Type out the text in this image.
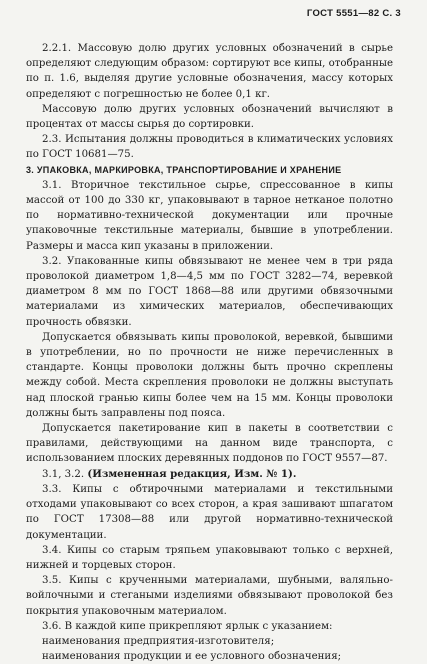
ГОСТ 5551—82 С. 3

2.2.1. Массовую долю других условных обозначений в сырье определяют следующим образом: сортируют все кипы, отобранные по п. 1.6, выделяя другие условные обозначения, массу которых определяют с погрешностью не более 0,1 кг.

Массовую долю других условных обозначений вычисляют в процентах от массы сырья до сортировки.

2.3. Испытания должны проводиться в климатических условиях по ГОСТ 10681—75.

3. УПАКОВКА, МАРКИРОВКА, ТРАНСПОРТИРОВАНИЕ И ХРАНЕНИЕ

3.1. Вторичное текстильное сырье, спрессованное в кипы массой от 100 до 330 кг, упаковывают в тарное нетканое полотно по нормативно-технической документации или прочные упаковочные текстильные материалы, бывшие в употреблении. Размеры и масса кип указаны в приложении.

3.2. Упакованные кипы обвязывают не менее чем в три ряда проволокой диаметром 1,8—4,5 мм по ГОСТ 3282—74, веревкой диаметром 8 мм по ГОСТ 1868—88 или другими обвязочными материалами из химических материалов, обеспечивающих прочность обвязки.

Допускается обвязывать кипы проволокой, веревкой, бывшими в употреблении, но по прочности не ниже перечисленных в стандарте. Концы проволоки должны быть прочно скреплены между собой. Места скрепления проволоки не должны выступать над плоской гранью кипы более чем на 15 мм. Концы проволоки должны быть заправлены под пояса.

Допускается пакетирование кип в пакеты в соответствии с правилами, действующими на данном виде транспорта, с использованием плоских деревянных поддонов по ГОСТ 9557—87.

3.1, 3.2. (Измененная редакция, Изм. № 1).

3.3. Кипы с обтирочными материалами и текстильными отходами упаковывают со всех сторон, а края зашивают шпагатом по ГОСТ 17308—88 или другой нормативно-технической документации.

3.4. Кипы со старым тряпьем упаковывают только с верхней, нижней и торцевых сторон.

3.5. Кипы с крученными материалами, шубными, валяльно-войлочными и стегаными изделиями обвязывают проволокой без покрытия упаковочным материалом.

3.6. В каждой кипе прикрепляют ярлык с указанием:

наименования предприятия-изготовителя;

наименования продукции и ее условного обозначения;
